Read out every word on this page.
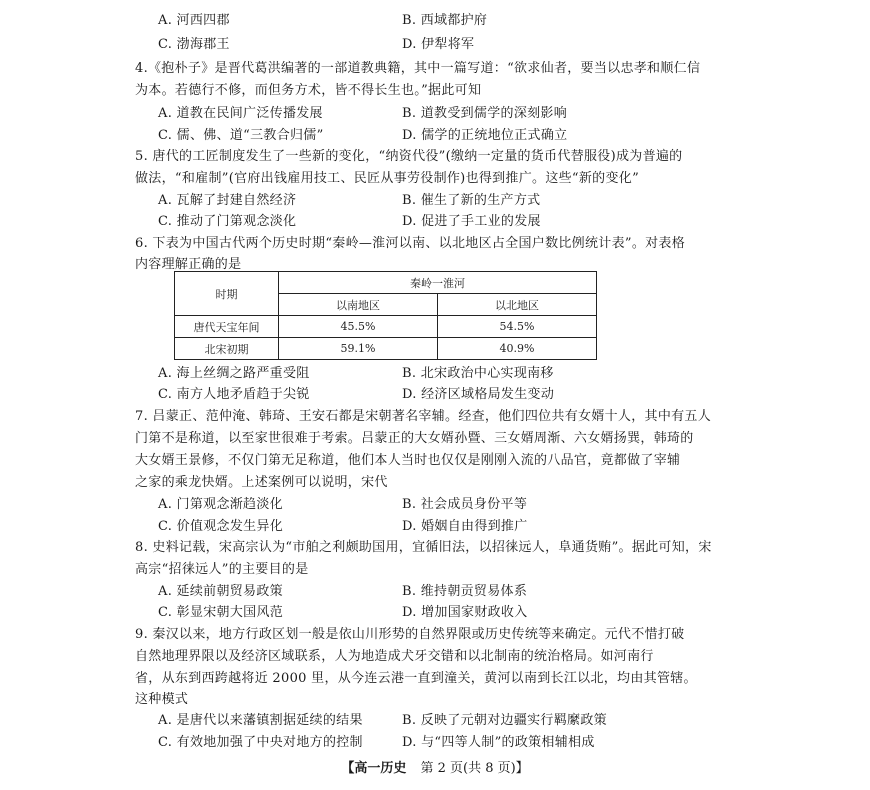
A. 河西四郡	B. 西域都护府
C. 渤海郡王	D. 伊犁将军
4.《抱朴子》是晋代葛洪编著的一部道教典籍，其中一篇写道：“欲求仙者，要当以忠孝和顺仁信
为本。若德行不修，而但务方术，皆不得长生也。”据此可知
A. 道教在民间广泛传播发展	B. 道教受到儒学的深刻影响
C. 儒、佛、道“三教合归儒”	D. 儒学的正统地位正式确立
5. 唐代的工匠制度发生了一些新的变化，“纳资代役”(缴纳一定量的货币代替服役)成为普遍的
做法，“和雇制”(官府出钱雇用技工、民匠从事劳役制作)也得到推广。这些“新的变化”
A. 瓦解了封建自然经济	B. 催生了新的生产方式
C. 推动了门第观念淡化	D. 促进了手工业的发展
6. 下表为中国古代两个历史时期“秦岭—淮河以南、以北地区占全国户数比例统计表”。对表格
内容理解正确的是
时期	秦岭一淮河	
	以南地区	以北地区
唐代天宝年间	45.5%	54.5%
北宋初期	59.1%	40.9%
A. 海上丝绸之路严重受阻	B. 北宋政治中心实现南移
C. 南方人地矛盾趋于尖锐	D. 经济区域格局发生变动
7. 吕蒙正、范仲淹、韩琦、王安石都是宋朝著名宰辅。经查，他们四位共有女婿十人，其中有五人
门第不是称道，以至家世很难于考索。吕蒙正的大女婿孙暨、三女婿周渐、六女婿扬巽，韩琦的
大女婿王景修，不仅门第无足称道，他们本人当时也仅仅是刚刚入流的八品官，竟都做了宰辅
之家的乘龙快婿。上述案例可以说明，宋代
A. 门第观念渐趋淡化	B. 社会成员身份平等
C. 价值观念发生异化	D. 婚姻自由得到推广
8. 史料记载，宋高宗认为“市舶之利颇助国用，宜循旧法，以招徕远人，阜通货贿”。据此可知，宋
高宗“招徕远人”的主要目的是
A. 延续前朝贸易政策	B. 维持朝贡贸易体系
C. 彰显宋朝大国风范	D. 增加国家财政收入
9. 秦汉以来，地方行政区划一般是依山川形势的自然界限或历史传统等来确定。元代不惜打破
自然地理界限以及经济区域联系，人为地造成犬牙交错和以北制南的统治格局。如河南行
省，从东到西跨越将近 2000 里，从今连云港一直到潼关，黄河以南到长江以北，均由其管辖。
这种模式
A. 是唐代以来藩镇割据延续的结果	B. 反映了元朝对边疆实行羁縻政策
C. 有效地加强了中央对地方的控制	D. 与“四等人制”的政策相辅相成
【高一历史 第 2 页(共 8 页)】
